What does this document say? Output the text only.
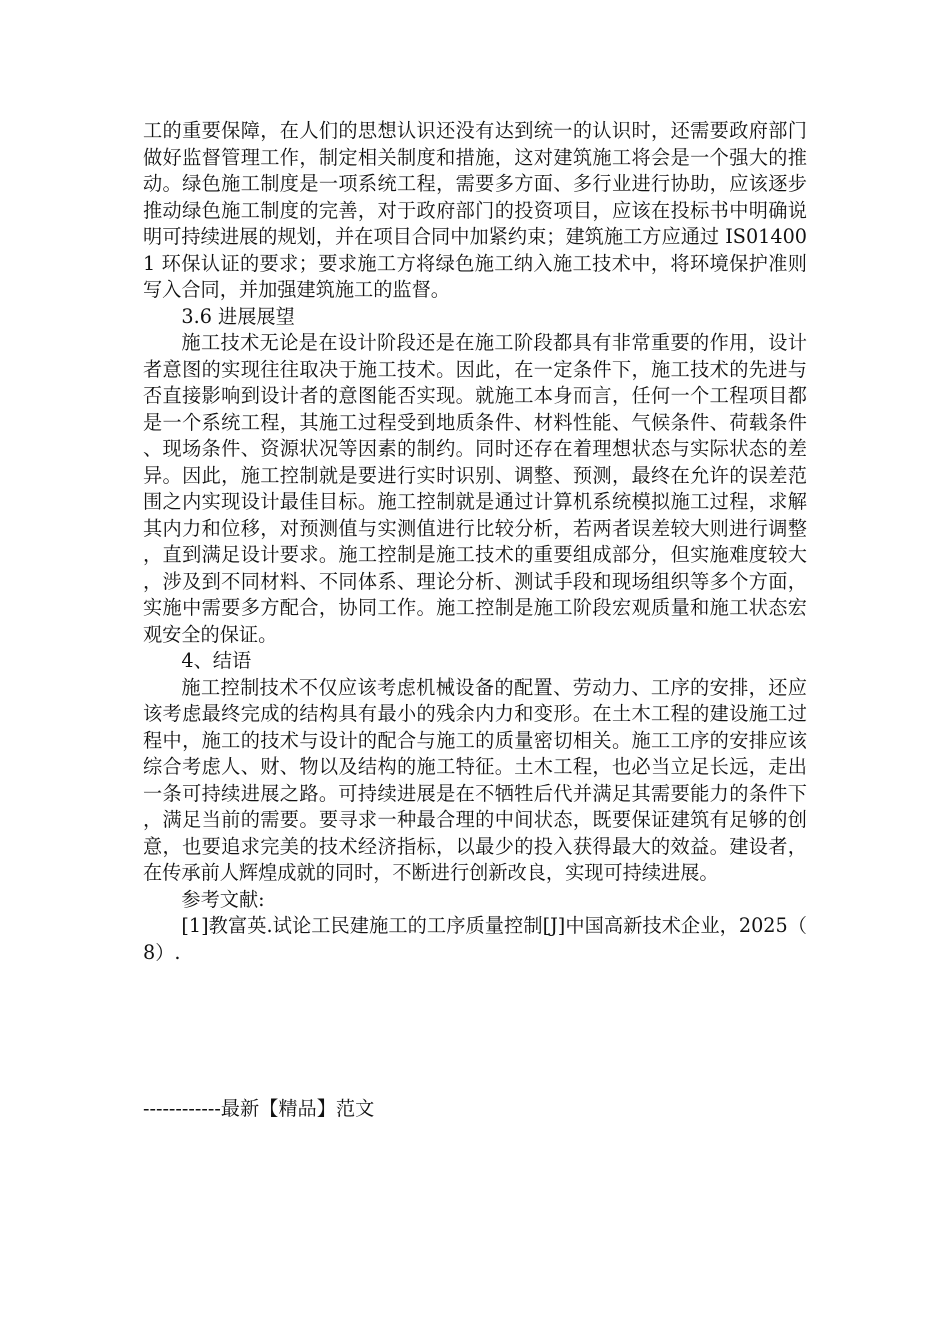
工的重要保障，在人们的思想认识还没有达到统一的认识时，还需要政府部门做好监督管理工作，制定相关制度和措施，这对建筑施工将会是一个强大的推动。绿色施工制度是一项系统工程，需要多方面、多行业进行协助，应该逐步推动绿色施工制度的完善，对于政府部门的投资项目，应该在投标书中明确说明可持续进展的规划，并在项目合同中加紧约束；建筑施工方应通过 IS014001 环保认证的要求；要求施工方将绿色施工纳入施工技术中，将环境保护准则写入合同，并加强建筑施工的监督。

3.6 进展展望

施工技术无论是在设计阶段还是在施工阶段都具有非常重要的作用，设计者意图的实现往往取决于施工技术。因此，在一定条件下，施工技术的先进与否直接影响到设计者的意图能否实现。就施工本身而言，任何一个工程项目都是一个系统工程，其施工过程受到地质条件、材料性能、气候条件、荷载条件、现场条件、资源状况等因素的制约。同时还存在着理想状态与实际状态的差异。因此，施工控制就是要进行实时识别、调整、预测，最终在允许的误差范围之内实现设计最佳目标。施工控制就是通过计算机系统模拟施工过程，求解其内力和位移，对预测值与实测值进行比较分析，若两者误差较大则进行调整，直到满足设计要求。施工控制是施工技术的重要组成部分，但实施难度较大，涉及到不同材料、不同体系、理论分析、测试手段和现场组织等多个方面，实施中需要多方配合，协同工作。施工控制是施工阶段宏观质量和施工状态宏观安全的保证。

4、结语

施工控制技术不仅应该考虑机械设备的配置、劳动力、工序的安排，还应该考虑最终完成的结构具有最小的残余内力和变形。在土木工程的建设施工过程中，施工的技术与设计的配合与施工的质量密切相关。施工工序的安排应该综合考虑人、财、物以及结构的施工特征。土木工程，也必当立足长远，走出一条可持续进展之路。可持续进展是在不牺牲后代并满足其需要能力的条件下，满足当前的需要。要寻求一种最合理的中间状态，既要保证建筑有足够的创意，也要追求完美的技术经济指标，以最少的投入获得最大的效益。建设者，在传承前人辉煌成就的同时，不断进行创新改良，实现可持续进展。

参考文献:

[1]教富英.试论工民建施工的工序质量控制[J]中国高新技术企业，2025（8）.

------------最新【精品】范文
